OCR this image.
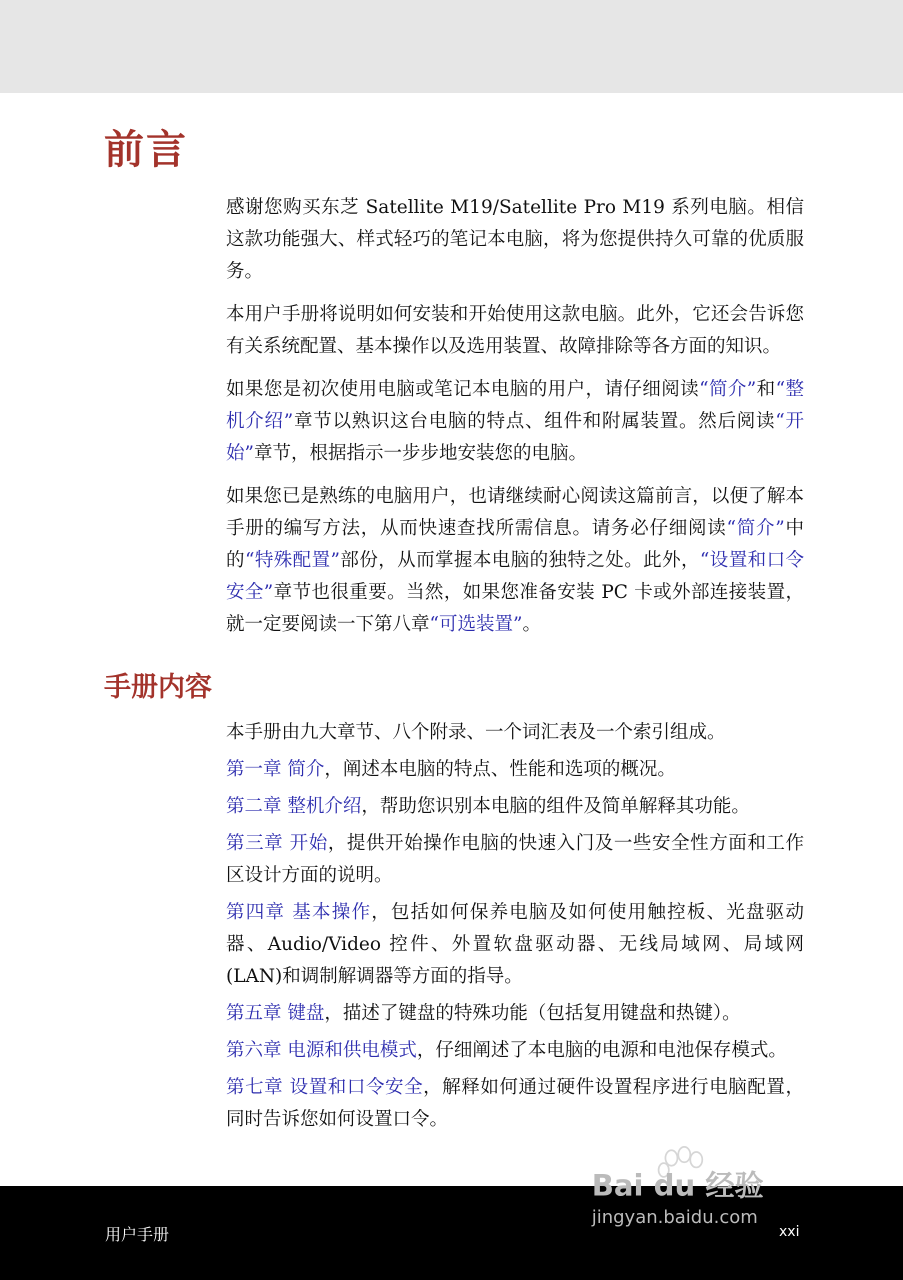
前言

感谢您购买东芝 Satellite M19/Satellite Pro M19 系列电脑。相信这款功能强大、样式轻巧的笔记本电脑，将为您提供持久可靠的优质服务。

本用户手册将说明如何安装和开始使用这款电脑。此外，它还会告诉您有关系统配置、基本操作以及选用装置、故障排除等各方面的知识。

如果您是初次使用电脑或笔记本电脑的用户，请仔细阅读“简介”和“整机介绍”章节以熟识这台电脑的特点、组件和附属装置。然后阅读“开始”章节，根据指示一步步地安装您的电脑。

如果您已是熟练的电脑用户，也请继续耐心阅读这篇前言，以便了解本手册的编写方法，从而快速查找所需信息。请务必仔细阅读“简介”中的“特殊配置”部份，从而掌握本电脑的独特之处。此外，“设置和口令安全”章节也很重要。当然，如果您准备安装 PC 卡或外部连接装置，就一定要阅读一下第八章“可选装置”。

手册内容

本手册由九大章节、八个附录、一个词汇表及一个索引组成。

第一章 简介，阐述本电脑的特点、性能和选项的概况。

第二章 整机介绍，帮助您识别本电脑的组件及简单解释其功能。

第三章 开始，提供开始操作电脑的快速入门及一些安全性方面和工作区设计方面的说明。

第四章 基本操作，包括如何保养电脑及如何使用触控板、光盘驱动器、Audio/Video 控件、外置软盘驱动器、无线局域网、局域网 (LAN)和调制解调器等方面的指导。

第五章 键盘，描述了键盘的特殊功能（包括复用键盘和热键）。

第六章 电源和供电模式，仔细阐述了本电脑的电源和电池保存模式。

第七章 设置和口令安全，解释如何通过硬件设置程序进行电脑配置，同时告诉您如何设置口令。

用户手册	xxi
Bai du 经验
jingyan.baidu.com
